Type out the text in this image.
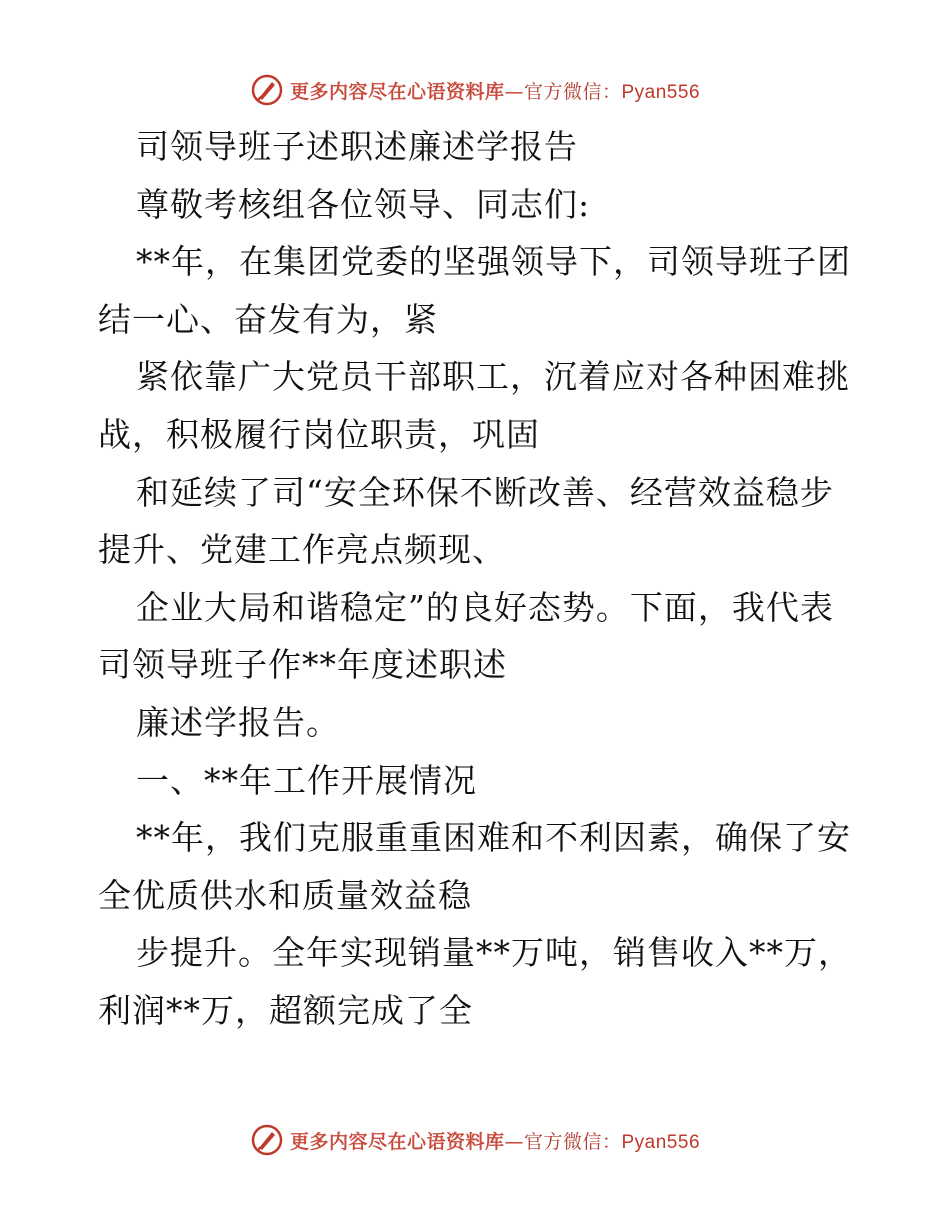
更多内容尽在心语资料库—官方微信：Pyan556
司领导班子述职述廉述学报告
尊敬考核组各位领导、同志们:
**年，在集团党委的坚强领导下，司领导班子团
结一心、奋发有为，紧
紧依靠广大党员干部职工，沉着应对各种困难挑
战，积极履行岗位职责，巩固
和延续了司“安全环保不断改善、经营效益稳步
提升、党建工作亮点频现、
企业大局和谐稳定”的良好态势。下面，我代表
司领导班子作**年度述职述
廉述学报告。
一、**年工作开展情况
**年，我们克服重重困难和不利因素，确保了安
全优质供水和质量效益稳
步提升。全年实现销量**万吨，销售收入**万，
利润**万，超额完成了全
更多内容尽在心语资料库—官方微信：Pyan556
